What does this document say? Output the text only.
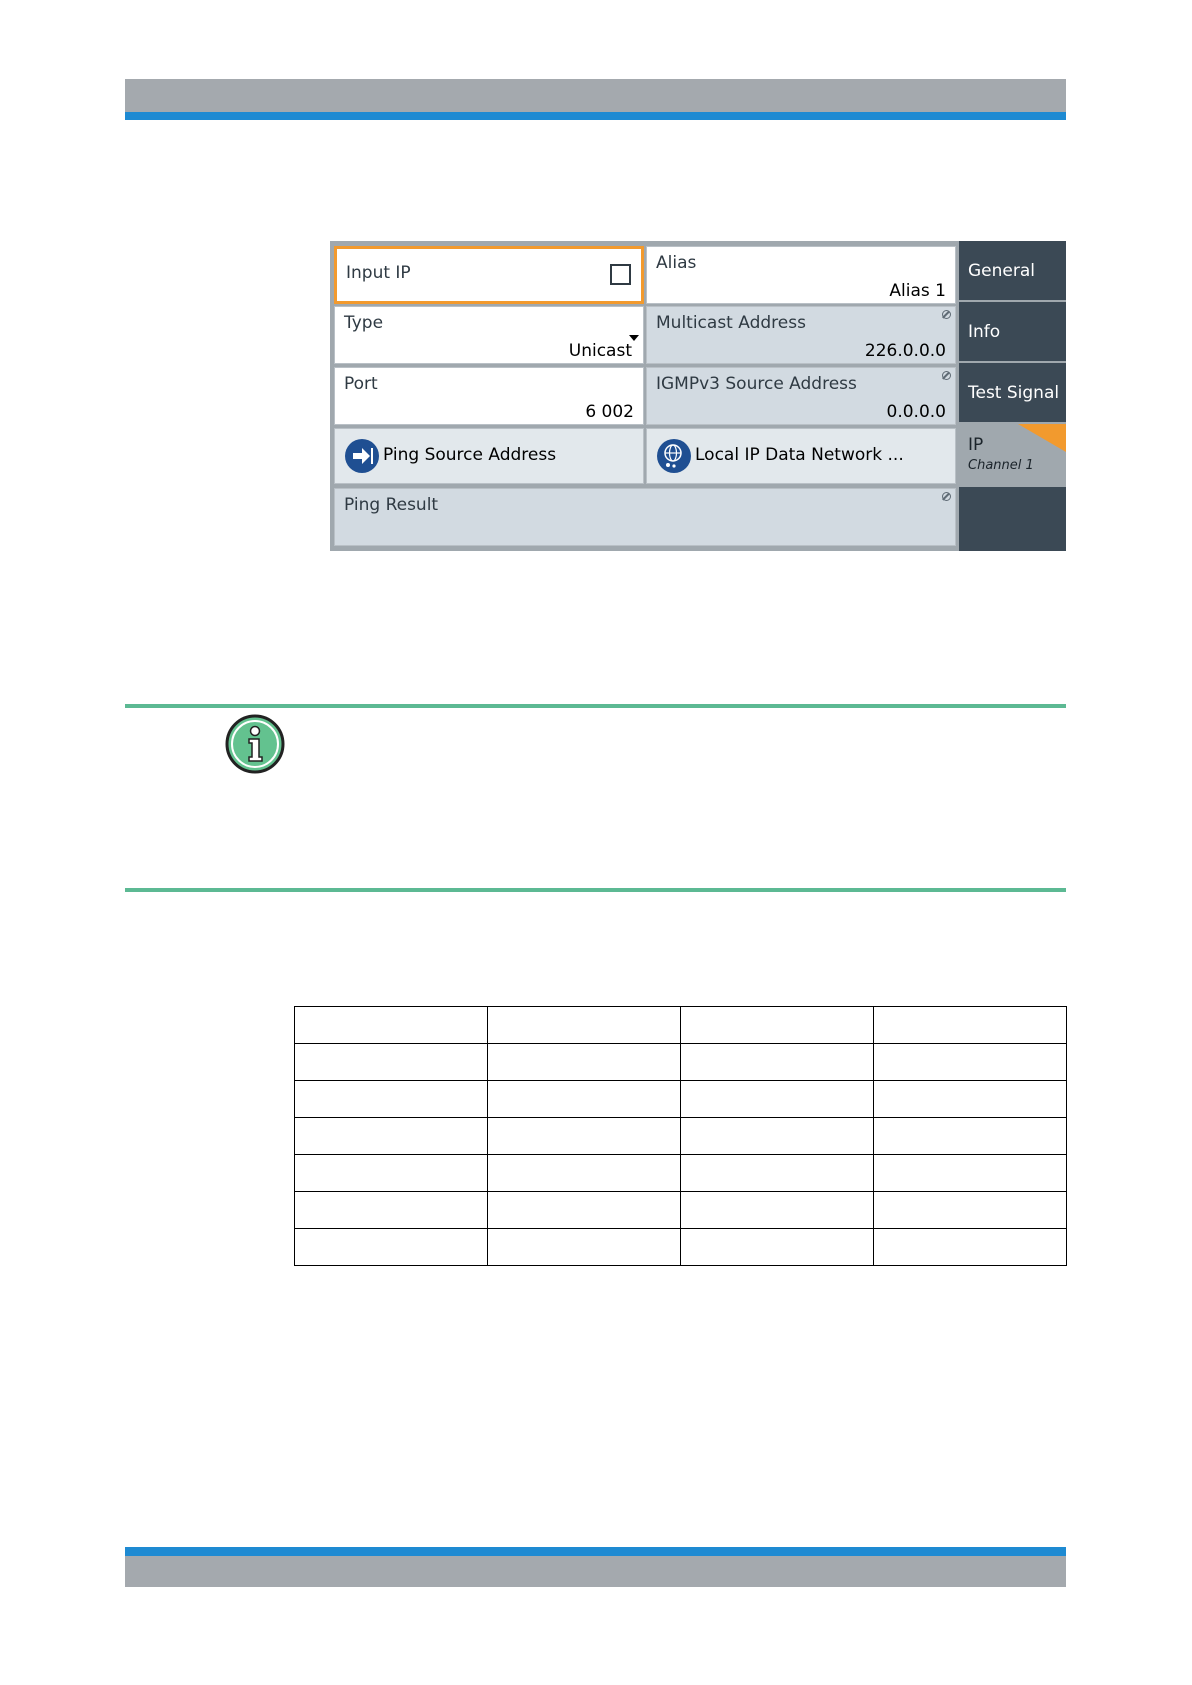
Input IP	Alias
Alias 1
Type
Unicast
Multicast Address
226.0.0.0
Port
6 002
IGMPv3 Source Address
0.0.0.0
Ping Source Address	Local IP Data Network ...
Ping Result
General
Info
Test Signal
IP
Channel 1
